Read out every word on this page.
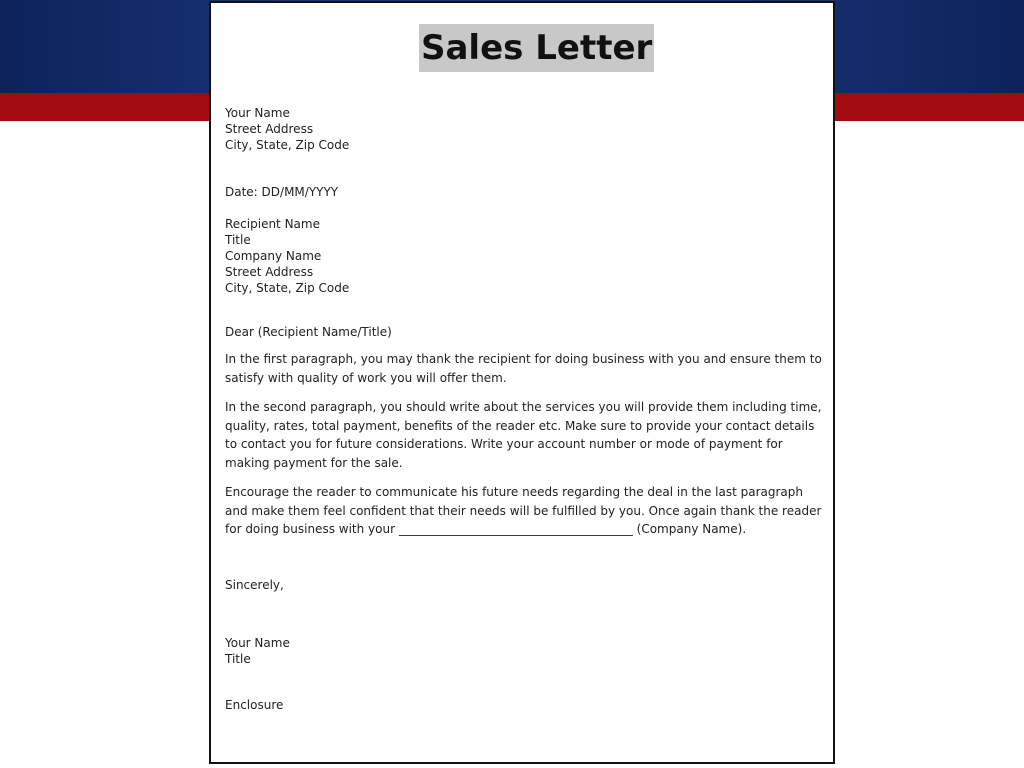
Sales Letter
Your Name
Street Address
City, State, Zip Code
Date: DD/MM/YYYY
Recipient Name
Title
Company Name
Street Address
City, State, Zip Code
Dear (Recipient Name/Title)
In the first paragraph, you may thank the recipient for doing business with you and ensure them to satisfy with quality of work you will offer them.
In the second paragraph, you should write about the services you will provide them including time, quality, rates, total payment, benefits of the reader etc. Make sure to provide your contact details to contact you for future considerations. Write your account number or mode of payment for making payment for the sale.
Encourage the reader to communicate his future needs regarding the deal in the last paragraph and make them feel confident that their needs will be fulfilled by you. Once again thank the reader for doing business with your _______________________________________ (Company Name).
Sincerely,
Your Name
Title
Enclosure
